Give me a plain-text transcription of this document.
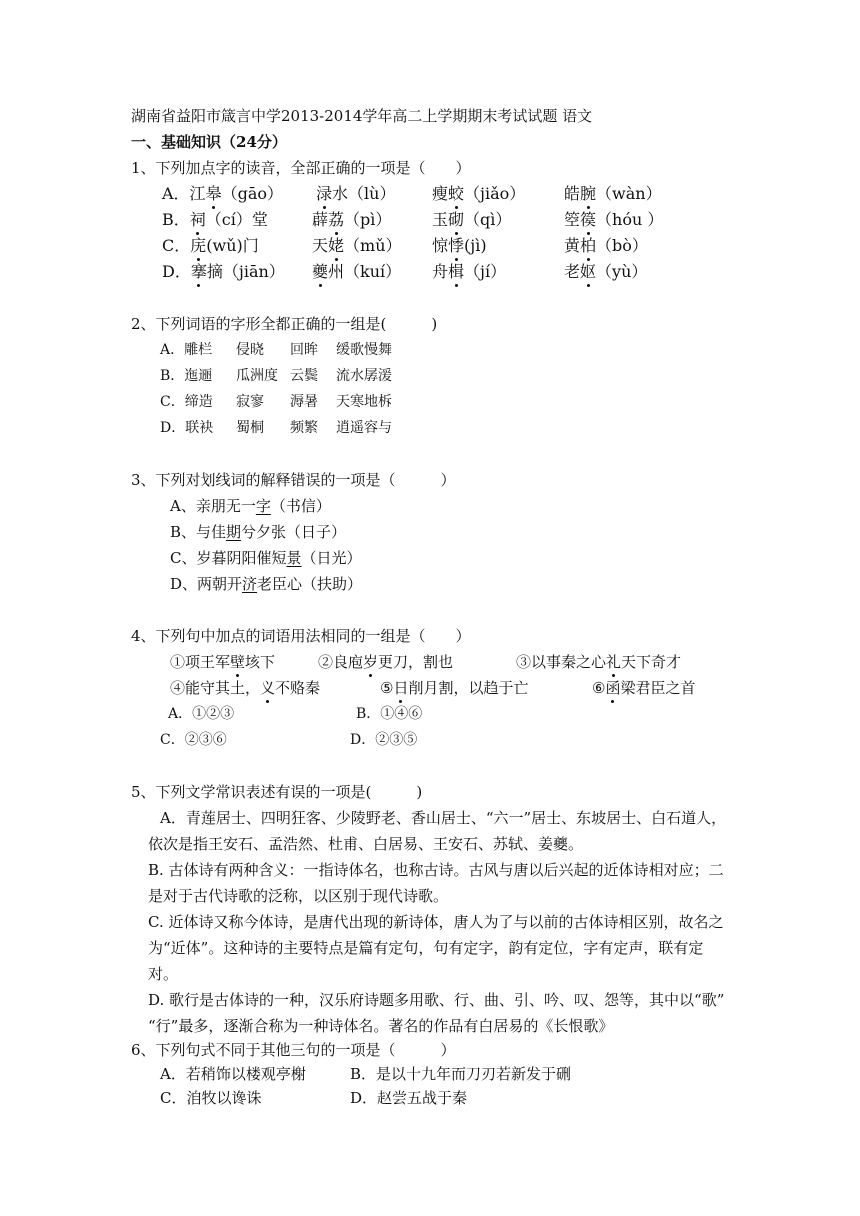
湖南省益阳市箴言中学2013-2014学年高二上学期期末考试试题 语文
一、基础知识（24分）
1、下列加点字的读音，全部正确的一项是（　　）
A．江皋（gāo） 渌水（lù） 瘦蛟（jiǎo） 皓腕（wàn）
B．祠（cí）堂	薜荔（pì）	玉砌（qì）	箜篌（hóu ）
C．庑(wǔ)门	天姥（mǔ） 惊悸(jì)	黄柏（bò）
D．搴摘（jiān） 夔州（kuí） 舟楫（jí）	老妪（yù）
2、下列词语的字形全都正确的一组是(　　　)
A．雕栏 侵晓 回眸 缓歌慢舞
B．迤逦 瓜洲度 云鬓 流水孱湲
C．缔造 寂寥 溽暑 天寒地柝
D．联袂 蜀桐 频繁 逍遥容与
3、下列对划线词的解释错误的一项是（　　　）
A、亲朋无一字（书信）
B、与佳期兮夕张（日子）
C、岁暮阴阳催短景（日光）
D、两朝开济老臣心（扶助）
4、下列句中加点的词语用法相同的一组是（　　）
①项王军壁垓下	②良庖岁更刀，割也	③以事秦之心礼天下奇才
④能守其土，义不赂秦	⑤日削月割，以趋于亡	⑥函梁君臣之首
A．①②③	B．①④⑥
C．②③⑥	D．②③⑤
5、下列文学常识表述有误的一项是(　　　)
A．青莲居士、四明狂客、少陵野老、香山居士、“六一”居士、东坡居士、白石道人，
依次是指王安石、孟浩然、杜甫、白居易、王安石、苏轼、姜夔。
B. 古体诗有两种含义：一指诗体名，也称古诗。古风与唐以后兴起的近体诗相对应；二
是对于古代诗歌的泛称，以区别于现代诗歌。
C. 近体诗又称今体诗，是唐代出现的新诗体，唐人为了与以前的古体诗相区别，故名之
为“近体”。这种诗的主要特点是篇有定句，句有定字，韵有定位，字有定声，联有定
对。
D. 歌行是古体诗的一种，汉乐府诗题多用歌、行、曲、引、吟、叹、怨等，其中以“歌”
“行”最多，逐渐合称为一种诗体名。著名的作品有白居易的《长恨歌》
6、下列句式不同于其他三句的一项是（　　　）
A．若稍饰以楼观亭榭	B．是以十九年而刀刃若新发于硎
C．洎牧以谗诛	D．赵尝五战于秦
